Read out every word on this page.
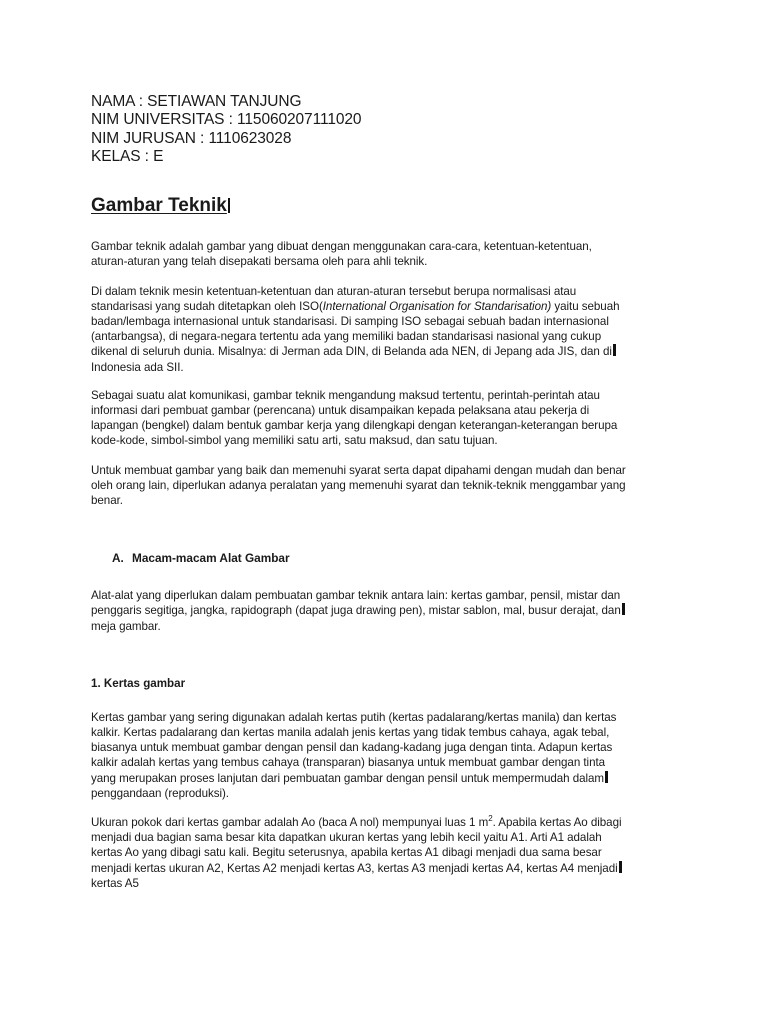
NAMA : SETIAWAN TANJUNG
NIM UNIVERSITAS : 115060207111020
NIM JURUSAN : 1110623028
KELAS : E
Gambar Teknik

Gambar teknik adalah gambar yang dibuat dengan menggunakan cara-cara, ketentuan-ketentuan,
aturan-aturan yang telah disepakati bersama oleh para ahli teknik.

Di dalam teknik mesin ketentuan-ketentuan dan aturan-aturan tersebut berupa normalisasi atau
standarisasi yang sudah ditetapkan oleh ISO(International Organisation for Standarisation) yaitu sebuah
badan/lembaga internasional untuk standarisasi. Di samping ISO sebagai sebuah badan internasional
(antarbangsa), di negara-negara tertentu ada yang memiliki badan standarisasi nasional yang cukup
dikenal di seluruh dunia. Misalnya: di Jerman ada DIN, di Belanda ada NEN, di Jepang ada JIS, dan di
Indonesia ada SII.

Sebagai suatu alat komunikasi, gambar teknik mengandung maksud tertentu, perintah-perintah atau
informasi dari pembuat gambar (perencana) untuk disampaikan kepada pelaksana atau pekerja di
lapangan (bengkel) dalam bentuk gambar kerja yang dilengkapi dengan keterangan-keterangan berupa
kode-kode, simbol-simbol yang memiliki satu arti, satu maksud, dan satu tujuan.

Untuk membuat gambar yang baik dan memenuhi syarat serta dapat dipahami dengan mudah dan benar
oleh orang lain, diperlukan adanya peralatan yang memenuhi syarat dan teknik-teknik menggambar yang
benar.

A. Macam-macam Alat Gambar

Alat-alat yang diperlukan dalam pembuatan gambar teknik antara lain: kertas gambar, pensil, mistar dan
penggaris segitiga, jangka, rapidograph (dapat juga drawing pen), mistar sablon, mal, busur derajat, dan
meja gambar.

1. Kertas gambar

Kertas gambar yang sering digunakan adalah kertas putih (kertas padalarang/kertas manila) dan kertas
kalkir. Kertas padalarang dan kertas manila adalah jenis kertas yang tidak tembus cahaya, agak tebal,
biasanya untuk membuat gambar dengan pensil dan kadang-kadang juga dengan tinta. Adapun kertas
kalkir adalah kertas yang tembus cahaya (transparan) biasanya untuk membuat gambar dengan tinta
yang merupakan proses lanjutan dari pembuatan gambar dengan pensil untuk mempermudah dalam
penggandaan (reproduksi).

Ukuran pokok dari kertas gambar adalah Ao (baca A nol) mempunyai luas 1 $m^2$. Apabila kertas Ao dibagi
menjadi dua bagian sama besar kita dapatkan ukuran kertas yang lebih kecil yaitu A1. Arti A1 adalah
kertas Ao yang dibagi satu kali. Begitu seterusnya, apabila kertas A1 dibagi menjadi dua sama besar
menjadi kertas ukuran A2, Kertas A2 menjadi kertas A3, kertas A3 menjadi kertas A4, kertas A4 menjadi
kertas A5
